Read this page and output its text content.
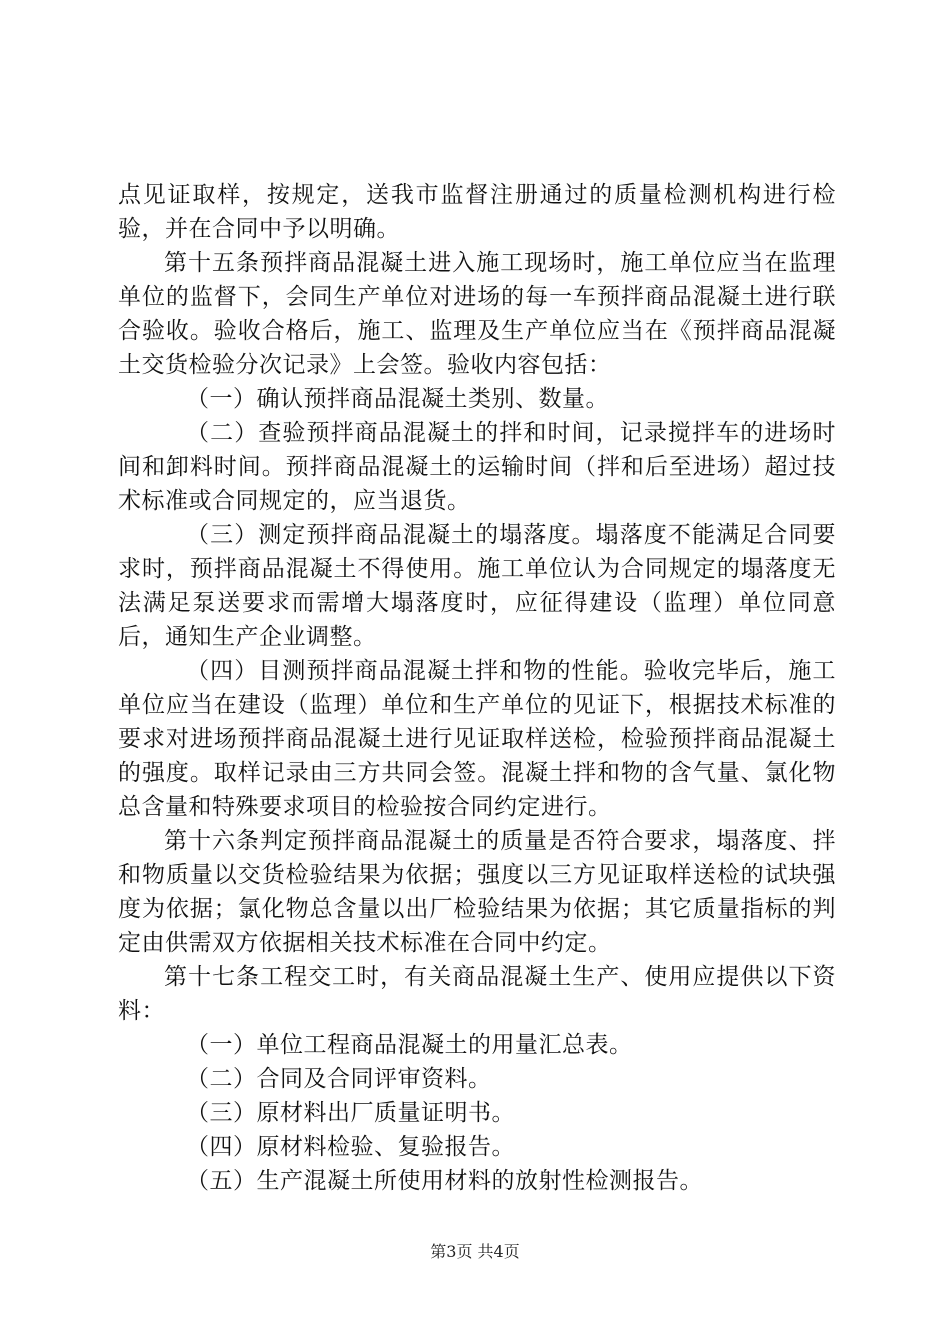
点见证取样，按规定，送我市监督注册通过的质量检测机构进行检验，并在合同中予以明确。

第十五条预拌商品混凝土进入施工现场时，施工单位应当在监理单位的监督下，会同生产单位对进场的每一车预拌商品混凝土进行联合验收。验收合格后，施工、监理及生产单位应当在《预拌商品混凝土交货检验分次记录》上会签。验收内容包括：

（一）确认预拌商品混凝土类别、数量。

（二）查验预拌商品混凝土的拌和时间，记录搅拌车的进场时间和卸料时间。预拌商品混凝土的运输时间（拌和后至进场）超过技术标准或合同规定的，应当退货。

（三）测定预拌商品混凝土的塌落度。塌落度不能满足合同要求时，预拌商品混凝土不得使用。施工单位认为合同规定的塌落度无法满足泵送要求而需增大塌落度时，应征得建设（监理）单位同意后，通知生产企业调整。

（四）目测预拌商品混凝土拌和物的性能。验收完毕后，施工单位应当在建设（监理）单位和生产单位的见证下，根据技术标准的要求对进场预拌商品混凝土进行见证取样送检，检验预拌商品混凝土的强度。取样记录由三方共同会签。混凝土拌和物的含气量、氯化物总含量和特殊要求项目的检验按合同约定进行。

第十六条判定预拌商品混凝土的质量是否符合要求，塌落度、拌和物质量以交货检验结果为依据；强度以三方见证取样送检的试块强度为依据；氯化物总含量以出厂检验结果为依据；其它质量指标的判定由供需双方依据相关技术标准在合同中约定。

第十七条工程交工时，有关商品混凝土生产、使用应提供以下资料：

（一）单位工程商品混凝土的用量汇总表。

（二）合同及合同评审资料。

（三）原材料出厂质量证明书。

（四）原材料检验、复验报告。

（五）生产混凝土所使用材料的放射性检测报告。

第3页 共4页
